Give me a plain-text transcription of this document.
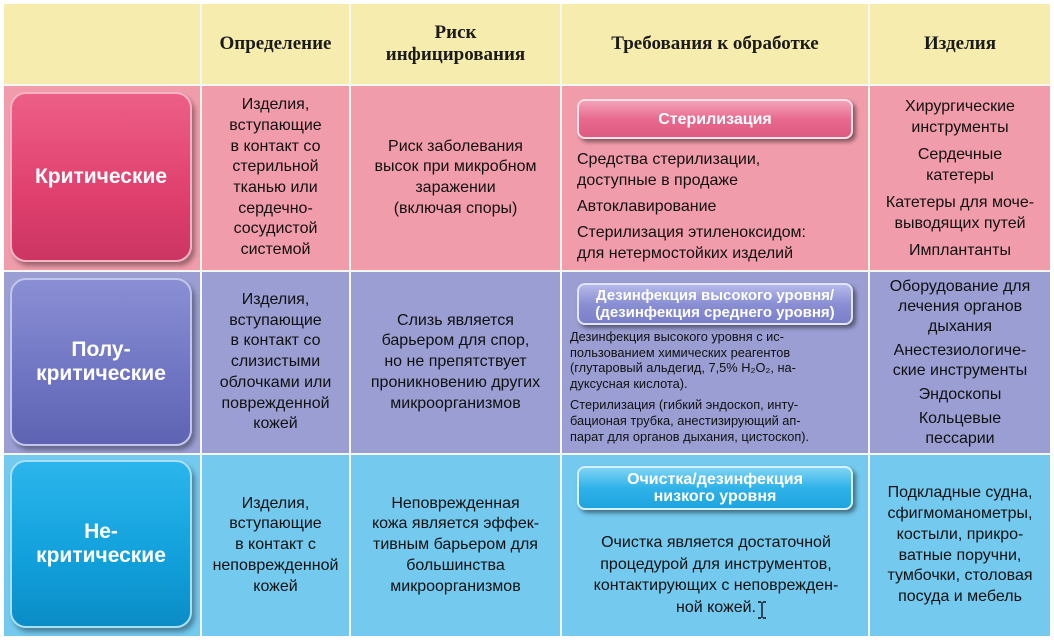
Определение
Риск
инфицирования
Требования к обработке	Изделия
Критические
Изделия,
вступающие
в контакт со
стерильной
тканью или
сердечно-
сосудистой
системой
Риск заболевания
высок при микробном
заражении
(включая споры)
Стерилизация

Средства стерилизации,
доступные в продаже

Автоклавирование

Стерилизация этиленоксидом:
для нетермостойких изделий

Хирургические
инструменты
Сердечные
катетеры
Катетеры для моче-
выводящих путей
Имплантанты
Полу-
критические
Изделия,
вступающие
в контакт со
слизистыми
облочками или
поврежденной
кожей
Слизь является
барьером для спор,
но не препятствует
проникновению других
микроорганизмов
Дезинфекция высокого уровня/
(дезинфекция среднего уровня)

Дезинфекция высокого уровня с ис-
пользованием химических реагентов
(глутаровый альдегид, 7,5% H₂O₂, на-
дуксусная кислота).

Стерилизация (гибкий эндоскоп, инту-
бационая трубка, анестизирующий ап-
парат для органов дыхания, цистоскоп).

Оборудование для
лечения органов
дыхания
Анестезиологиче-
ские инструменты
Эндоскопы
Кольцевые
пессарии
Не-
критические
Изделия,
вступающие
в контакт с
неповрежденной
кожей
Неповрежденная
кожа является эффек-
тивным барьером для
большинства
микроорганизмов
Очистка/дезинфекция
низкого уровня

Очистка является достаточной
процедурой для инструментов,
контактирующих с неповрежден-
ной кожей.

Подкладные судна,
сфигмоманометры,
костыли, прикро-
ватные поручни,
тумбочки, столовая
посуда и мебель
